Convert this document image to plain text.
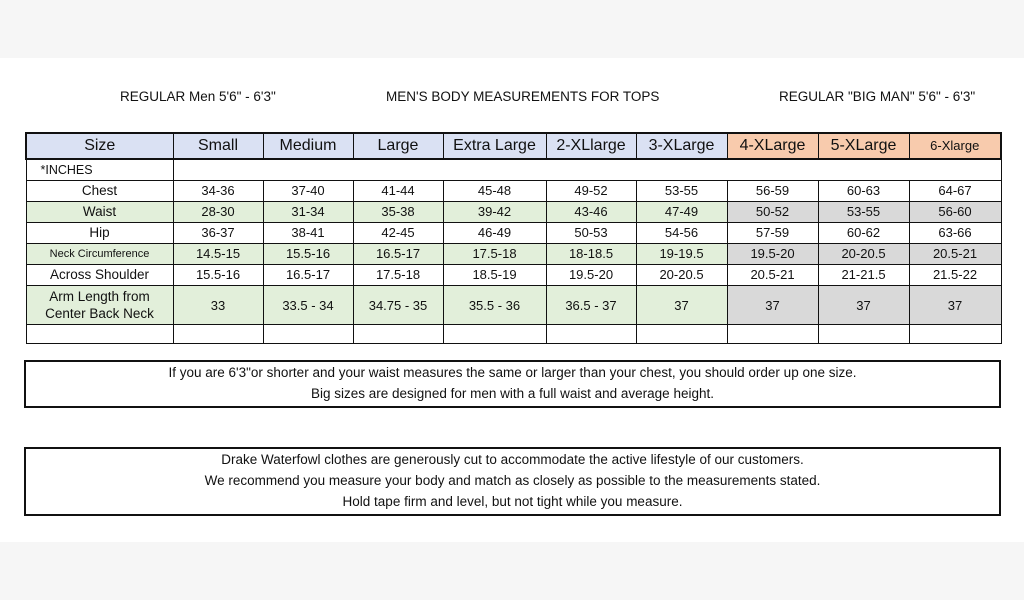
REGULAR Men 5'6" - 6'3"	MEN'S BODY MEASUREMENTS FOR TOPS	REGULAR "BIG MAN" 5'6" - 6'3"
Size	Small	Medium	Large	Extra Large	2-XLlarge	3-XLarge	4-XLarge	5-XLarge	6-Xlarge
*INCHES									
Chest	34-36	37-40	41-44	45-48	49-52	53-55	56-59	60-63	64-67
Waist	28-30	31-34	35-38	39-42	43-46	47-49	50-52	53-55	56-60
Hip	36-37	38-41	42-45	46-49	50-53	54-56	57-59	60-62	63-66
Neck Circumference	14.5-15	15.5-16	16.5-17	17.5-18	18-18.5	19-19.5	19.5-20	20-20.5	20.5-21
Across Shoulder	15.5-16	16.5-17	17.5-18	18.5-19	19.5-20	20-20.5	20.5-21	21-21.5	21.5-22
Arm Length from
Center Back Neck	33	33.5 - 34	34.75 - 35	35.5 - 36	36.5 - 37	37	37	37	37

If you are 6'3"or shorter and your waist measures the same or larger than your chest, you should order up one size.

Big sizes are designed for men with a full waist and average height.

Drake Waterfowl clothes are generously cut to accommodate the active lifestyle of our customers.

We recommend you measure your body and match as closely as possible to the measurements stated.

Hold tape firm and level, but not tight while you measure.
